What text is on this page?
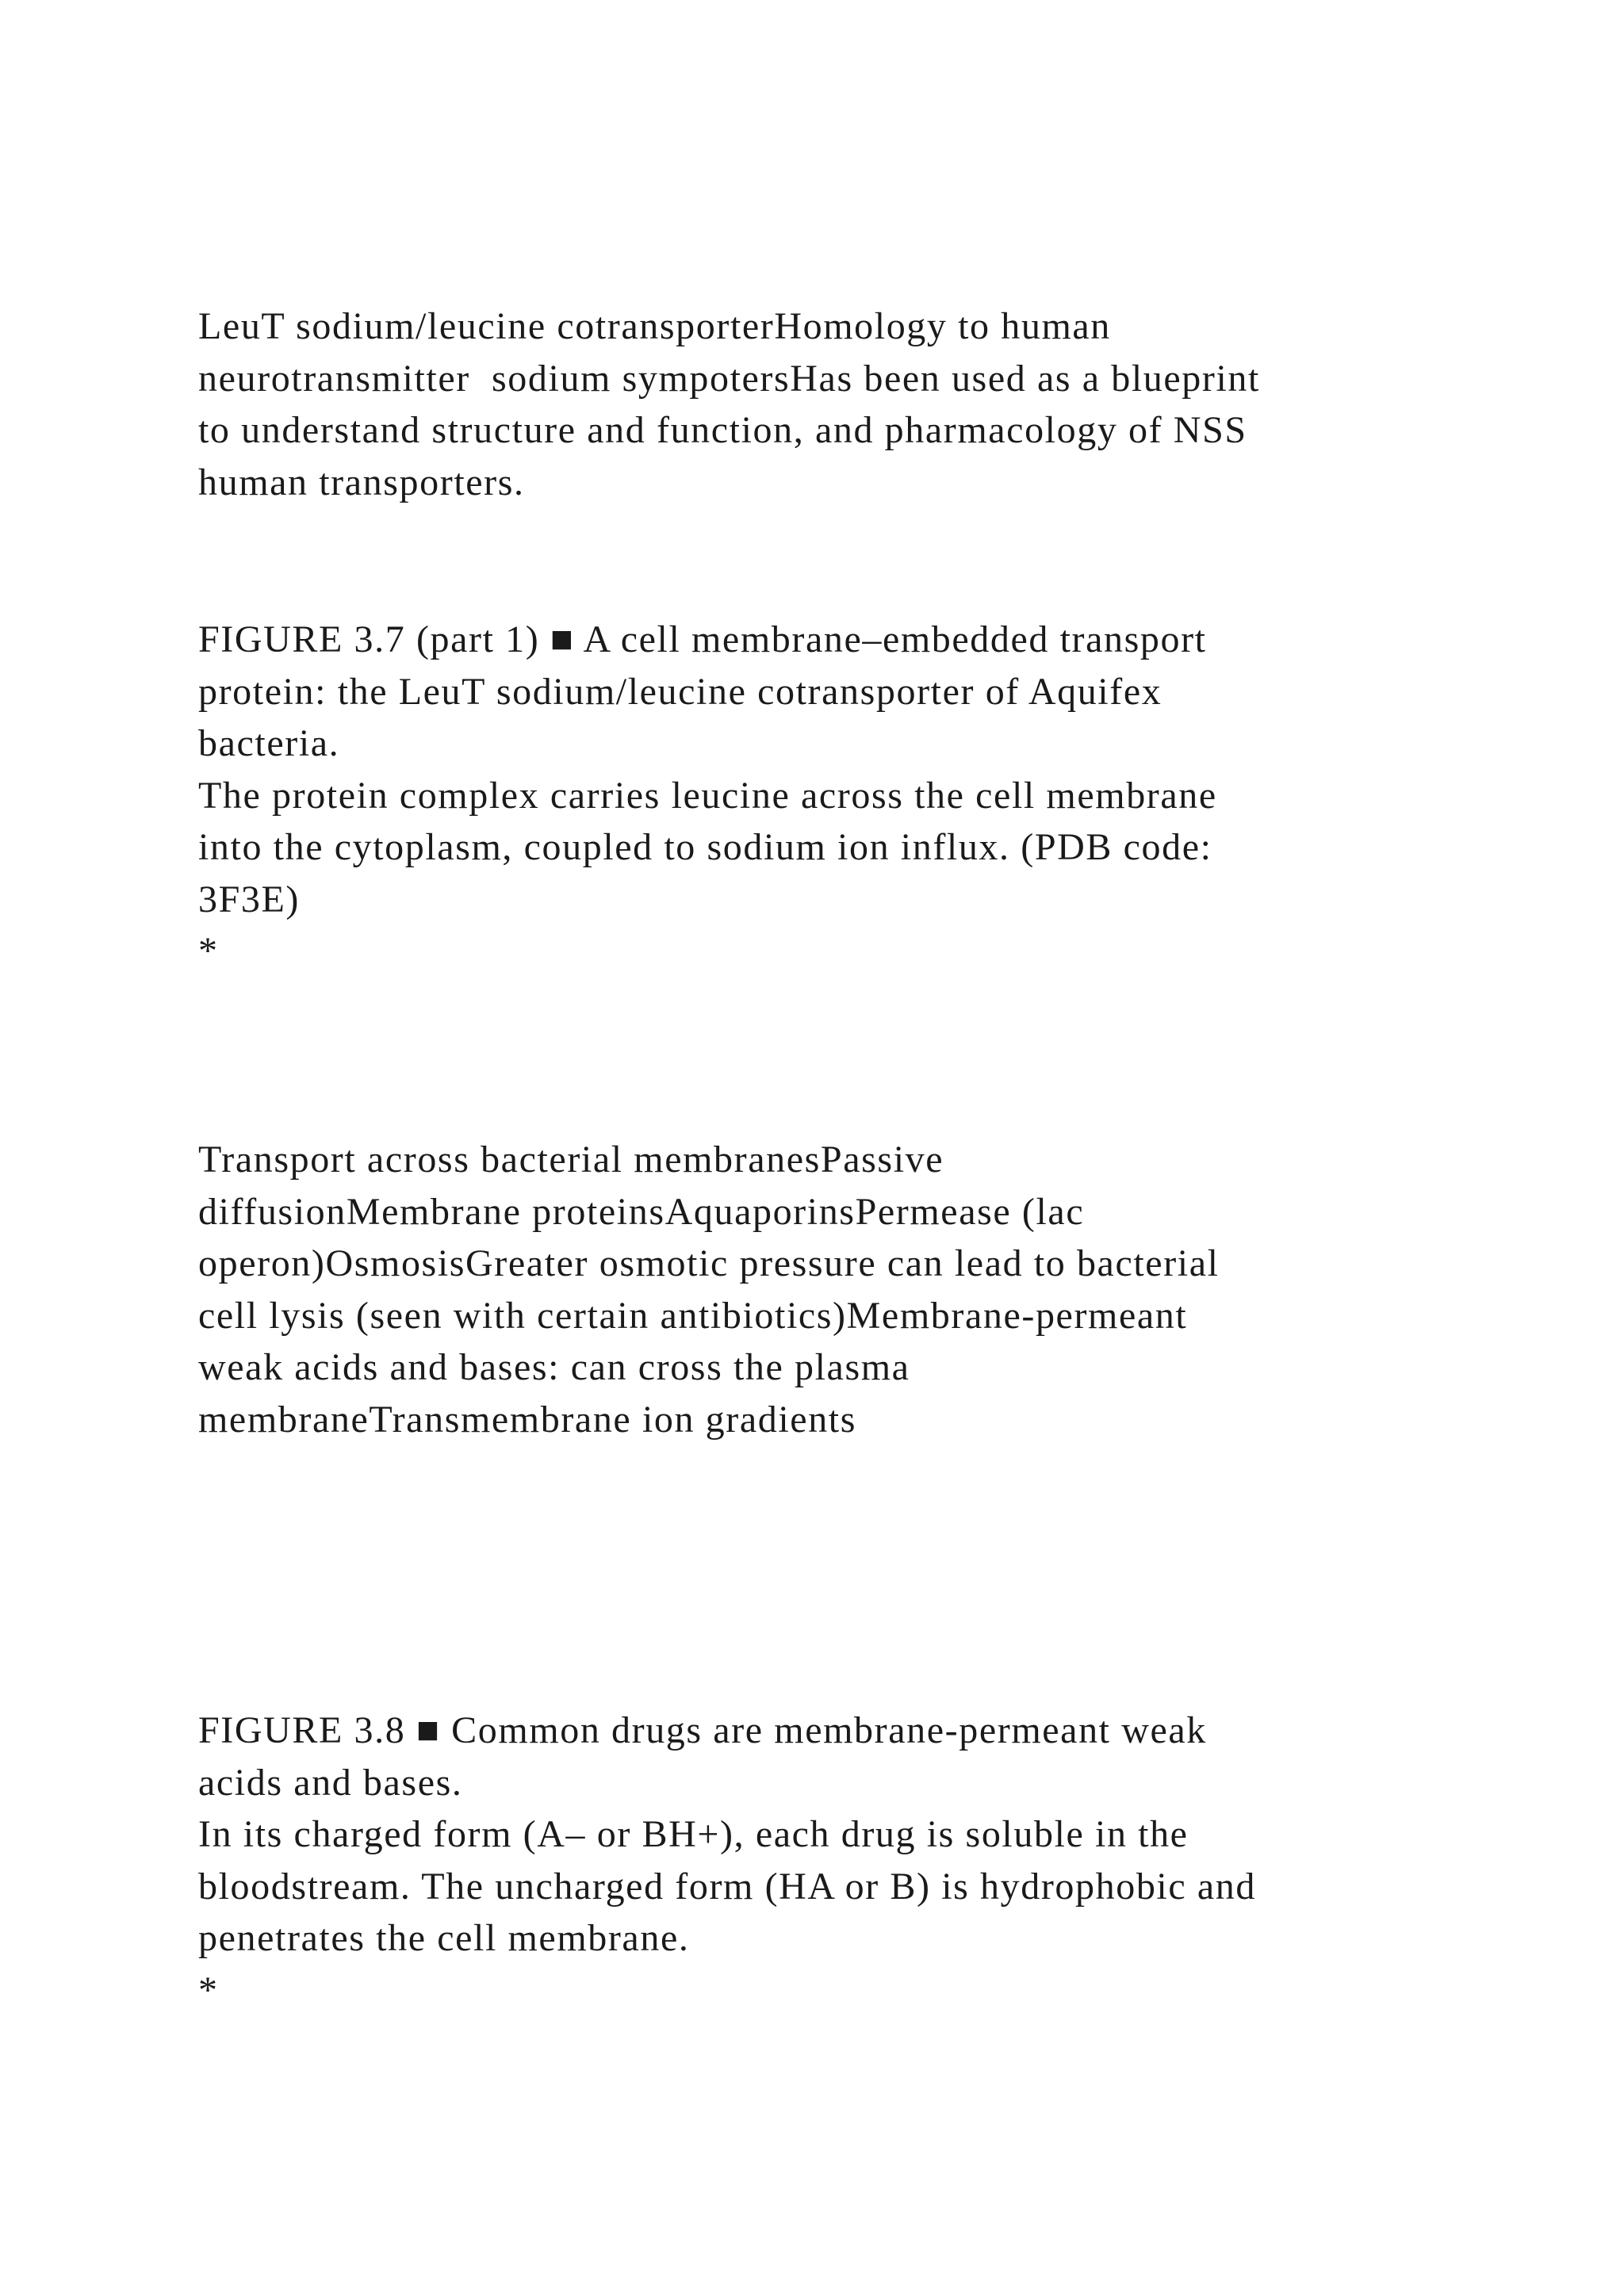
LeuT sodium/leucine cotransporterHomology to human
neurotransmitter  sodium sympotersHas been used as a blueprint
to understand structure and function, and pharmacology of NSS
human transporters.
FIGURE 3.7 (part 1) ■ A cell membrane–embedded transport
protein: the LeuT sodium/leucine cotransporter of Aquifex
bacteria.
The protein complex carries leucine across the cell membrane
into the cytoplasm, coupled to sodium ion influx. (PDB code:
3F3E)
*
Transport across bacterial membranesPassive
diffusionMembrane proteinsAquaporinsPermease (lac
operon)OsmosisGreater osmotic pressure can lead to bacterial
cell lysis (seen with certain antibiotics)Membrane-permeant
weak acids and bases: can cross the plasma
membraneTransmembrane ion gradients
FIGURE 3.8 ■ Common drugs are membrane-permeant weak
acids and bases.
In its charged form (A– or BH+), each drug is soluble in the
bloodstream. The uncharged form (HA or B) is hydrophobic and
penetrates the cell membrane.
*
